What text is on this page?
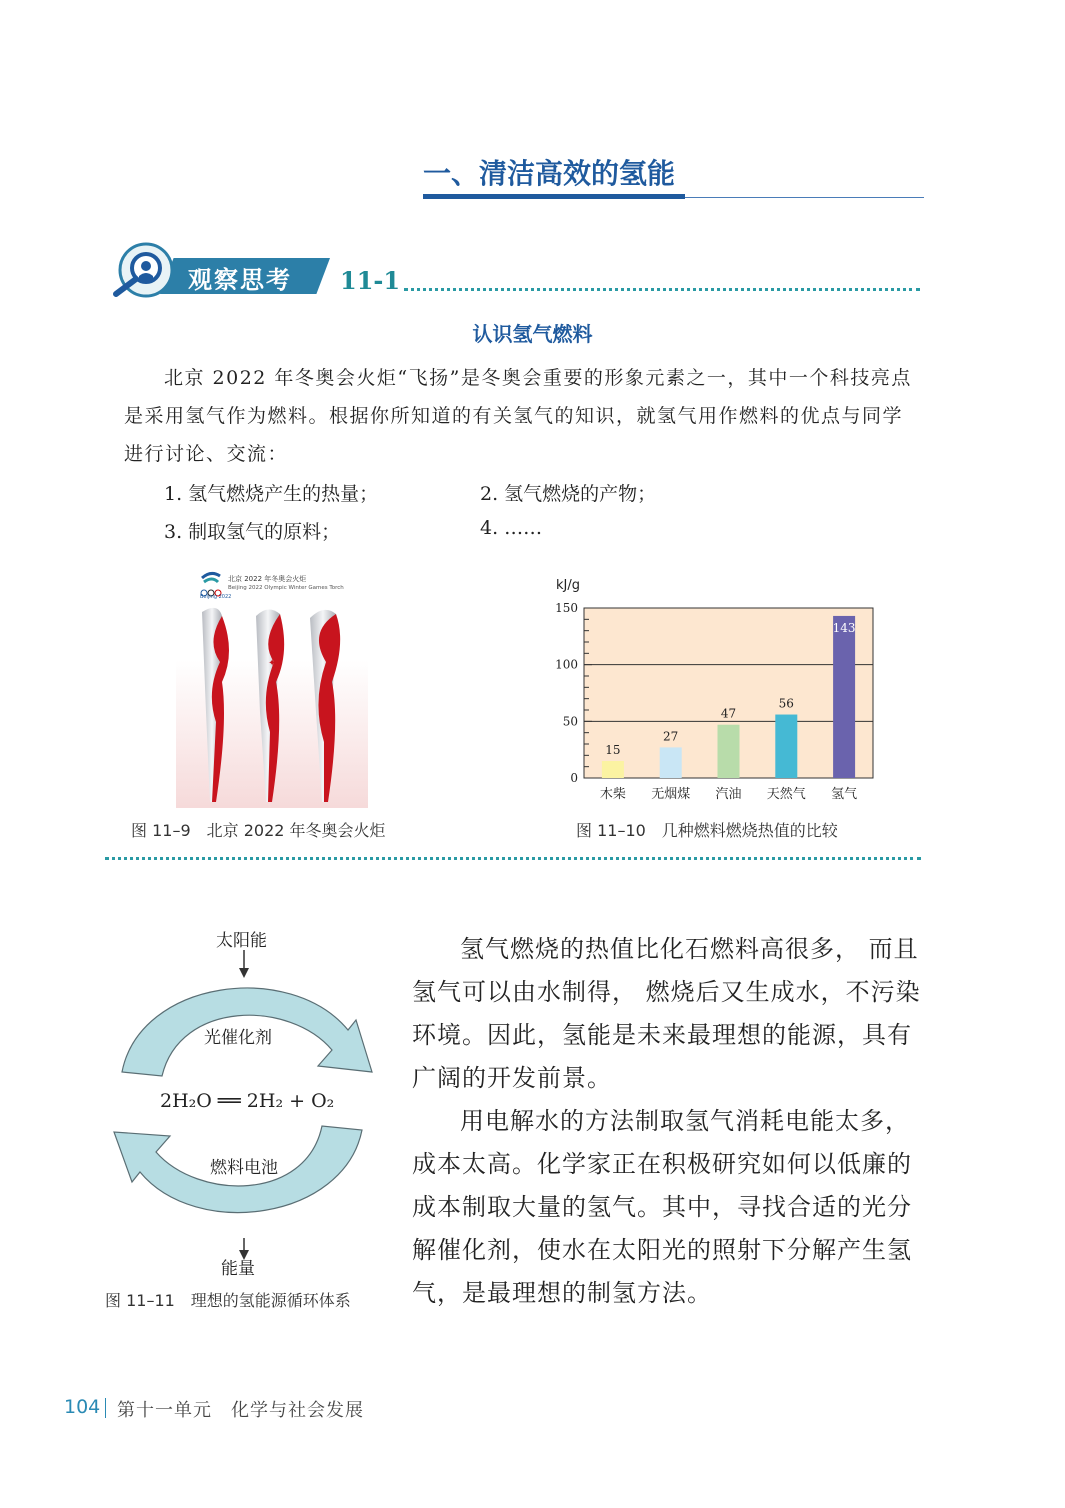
一、清洁高效的氢能
观察思考 11-1
认识氢气燃料
北京 2022 年冬奥会火炬“飞扬”是冬奥会重要的形象元素之一，其中一个科技亮点是采用氢气作为燃料。根据你所知道的有关氢气的知识，就氢气用作燃料的优点与同学进行讨论、交流：
1. 氢气燃烧产生的热量；	2. 氢气燃烧的产物；
3. 制取氢气的原料；	4. ……
Beijing 2022
北京 2022 年冬奥会火炬
Beijing 2022 Olympic Winter Games Torch
✦
图 11–9　北京 2022 年冬奥会火炬
kJ/g
0
50
100
150
15
木柴
27
无烟煤
47
汽油
56
天然气
143
氢气
图 11–10　几种燃料燃烧热值的比较
太阳能
光催化剂
2H₂O ══ 2H₂ + O₂
燃料电池
能量
图 11–11　理想的氢能源循环体系

氢气燃烧的热值比化石燃料高很多， 而且氢气可以由水制得， 燃烧后又生成水，不污染环境。因此，氢能是未来最理想的能源，具有广阔的开发前景。

用电解水的方法制取氢气消耗电能太多，成本太高。化学家正在积极研究如何以低廉的成本制取大量的氢气。其中，寻找合适的光分解催化剂，使水在太阳光的照射下分解产生氢气，是最理想的制氢方法。

104 第十一单元　化学与社会发展
